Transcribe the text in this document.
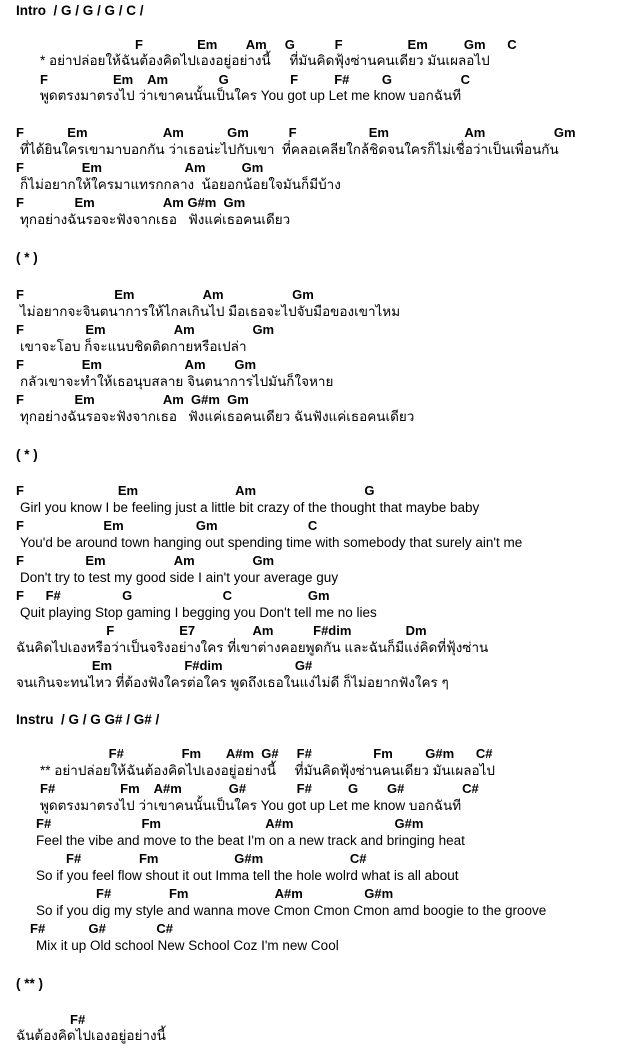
Intro  / G / G / G / C /
F               Em        Am     G           F                  Em          Gm      C
* อย่าปล่อยให้ฉันต้องคิดไปเองอยู่อย่างนี้     ที่มันคิดฟุ้งซ่านคนเดียว มันเผลอไป
F                  Em    Am              G                 F          F#         G                   C
พูดตรงมาตรงไป ว่าเขาคนนั้นเป็นใคร You got up Let me know บอกฉันที
F            Em                     Am            Gm           F                    Em                     Am                   Gm
ที่ได้ยินใครเขามาบอกกัน ว่าเธอน่ะไปกับเขา  ที่คลอเคลียใกล้ชิดจนใครก็ไม่เชื่อว่าเป็นเพื่อนกัน
F                Em                       Am          Gm
ก็ไม่อยากให้ใครมาแทรกกลาง  น้อยอกน้อยใจมันก็มีบ้าง
F              Em                   Am G#m  Gm
ทุกอย่างฉันรอจะฟังจากเธอ   ฟังแค่เธอคนเดียว
( * )
F                         Em                   Am                   Gm
ไม่อยากจะจินตนาการให้ไกลเกินไป มือเธอจะไปจับมือของเขาไหม
F                 Em                   Am                Gm
เขาจะโอบ ก็จะแนบชิดติดกายหรือเปล่า
F                Em                       Am        Gm
กลัวเขาจะทำให้เธอนุบสลาย จินตนาการไปมันก็ใจหาย
F              Em                   Am  G#m  Gm
ทุกอย่างฉันรอจะฟังจากเธอ   ฟังแค่เธอคนเดียว ฉันฟังแค่เธอคนเดียว
( * )
F                          Em                           Am                              G
Girl you know I be feeling just a little bit crazy of the thought that maybe baby
F                      Em                    Gm                         C
You'd be around town hanging out spending time with somebody that surely ain't me
F                 Em                   Am                Gm
Don't try to test my good side I ain't your average guy
F      F#                 G                         C                     Gm
Quit playing Stop gaming I begging you Don't tell me no lies
F                  E7                Am           F#dim               Dm
ฉันคิดไปเองหรือว่าเป็นจริงอย่างใคร ที่เขาต่างคอยพูดกัน และฉันก็มีแง่คิดที่ฟุ้งซ่าน
Em                    F#dim                    G#
จนเกินจะทนไหว ที่ต้องฟังใครต่อใคร พูดถึงเธอในแง่ไม่ดี ก็ไม่อยากฟังใคร ๆ
Instru  / G / G G# / G# /
F#                Fm       A#m  G#     F#                 Fm         G#m      C#
** อย่าปล่อยให้ฉันต้องคิดไปเองอยู่อย่างนี้     ที่มันคิดฟุ้งซ่านคนเดียว มันเผลอไป
F#                  Fm    A#m             G#              F#          G        G#                C#
พูดตรงมาตรงไป ว่าเขาคนนั้นเป็นใคร You got up Let me know บอกฉันที
F#                         Fm                             A#m                            G#m
Feel the vibe and move to the beat I'm on a new track and bringing heat
F#                Fm                     G#m                        C#
So if you feel flow shout it out Imma tell the hole wolrd what is all about
F#                Fm                        A#m                 G#m
So if you dig my style and wanna move Cmon Cmon Cmon amd boogie to the groove
F#            G#              C#
Mix it up Old school New School Coz I'm new Cool
( ** )
F#
ฉันต้องคิดไปเองอยู่อย่างนี้
